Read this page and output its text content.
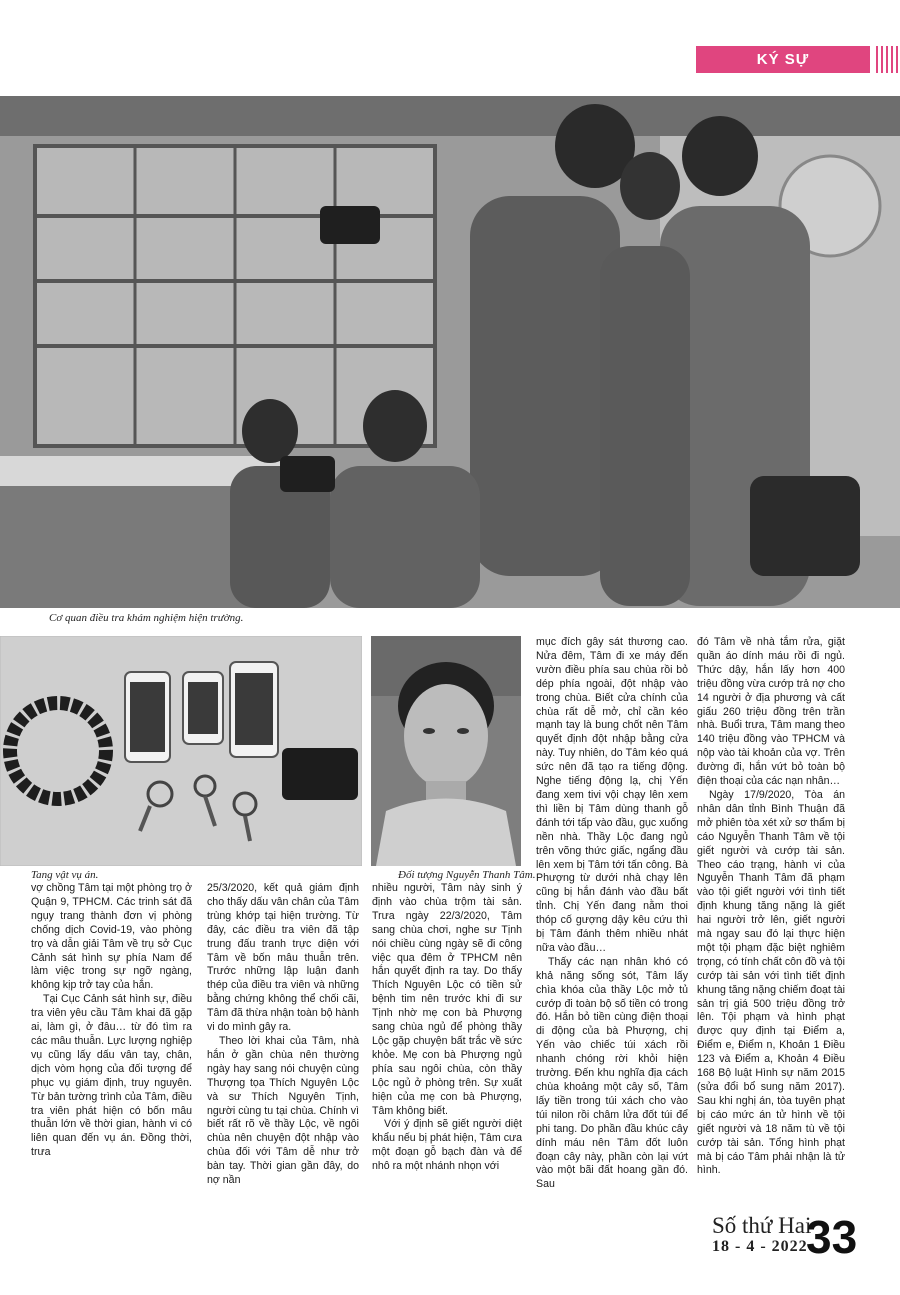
KÝ SỰ
Cơ quan điều tra khám nghiệm hiện trường.
Tang vật vụ án.	Đối tượng Nguyễn Thanh Tâm.

vợ chồng Tâm tại một phòng trọ ở Quận 9, TPHCM. Các trinh sát đã ngụy trang thành đơn vị phòng chống dịch Covid-19, vào phòng trọ và dẫn giải Tâm về trụ sở Cục Cảnh sát hình sự phía Nam để làm việc trong sự ngỡ ngàng, không kịp trở tay của hắn.

Tại Cục Cảnh sát hình sự, điều tra viên yêu cầu Tâm khai đã gặp ai, làm gì, ở đâu… từ đó tìm ra các mâu thuẫn. Lực lượng nghiệp vụ cũng lấy dấu vân tay, chân, dịch vòm họng của đối tượng để phục vụ giám định, truy nguyên. Từ bản tường trình của Tâm, điều tra viên phát hiện có bốn mâu thuẫn lớn về thời gian, hành vi có liên quan đến vụ án. Đồng thời, trưa

25/3/2020, kết quả giám định cho thấy dấu vân chân của Tâm trùng khớp tại hiện trường. Từ đây, các điều tra viên đã tập trung đấu tranh trực diện với Tâm về bốn mâu thuẫn trên. Trước những lập luận đanh thép của điều tra viên và những bằng chứng không thể chối cãi, Tâm đã thừa nhận toàn bộ hành vi do mình gây ra.

Theo lời khai của Tâm, nhà hắn ở gần chùa nên thường ngày hay sang nói chuyện cùng Thượng tọa Thích Nguyên Lộc và sư Thích Nguyên Tịnh, người cùng tu tại chùa. Chính vì biết rất rõ về thầy Lộc, về ngôi chùa nên chuyện đột nhập vào chùa đối với Tâm dễ như trở bàn tay. Thời gian gần đây, do nợ nần

nhiều người, Tâm này sinh ý định vào chùa trộm tài sản. Trưa ngày 22/3/2020, Tâm sang chùa chơi, nghe sư Tịnh nói chiều cùng ngày sẽ đi công việc qua đêm ở TPHCM nên hắn quyết định ra tay. Do thấy Thích Nguyên Lộc có tiền sử bệnh tim nên trước khi đi sư Tịnh nhờ mẹ con bà Phượng sang chùa ngủ để phòng thầy Lộc gặp chuyện bất trắc về sức khỏe. Mẹ con bà Phượng ngủ phía sau ngôi chùa, còn thầy Lộc ngủ ở phòng trên. Sự xuất hiện của mẹ con bà Phượng, Tâm không biết.

Với ý định sẽ giết người diệt khẩu nếu bị phát hiện, Tâm cưa một đoạn gỗ bạch đàn và để nhô ra một nhánh nhọn với

mục đích gây sát thương cao. Nửa đêm, Tâm đi xe máy đến vườn điều phía sau chùa rồi bỏ dép phía ngoài, đột nhập vào trong chùa. Biết cửa chính của chùa rất dễ mở, chỉ cần kéo mạnh tay là bung chốt nên Tâm quyết định đột nhập bằng cửa này. Tuy nhiên, do Tâm kéo quá sức nên đã tạo ra tiếng động. Nghe tiếng động lạ, chị Yến đang xem tivi vội chạy lên xem thì liền bị Tâm dùng thanh gỗ đánh tới tấp vào đầu, gục xuống nền nhà. Thầy Lộc đang ngủ trên võng thức giấc, ngẩng đầu lên xem bị Tâm tới tấn công. Bà Phượng từ dưới nhà chạy lên cũng bị hắn đánh vào đầu bất tỉnh. Chị Yến đang nằm thoi thóp cố gượng dậy kêu cứu thì bị Tâm đánh thêm nhiều nhát nữa vào đầu…

Thấy các nạn nhân khó có khả năng sống sót, Tâm lấy chìa khóa của thầy Lộc mở tủ cướp đi toàn bộ số tiền có trong đó. Hắn bỏ tiền cùng điện thoại di động của bà Phượng, chị Yến vào chiếc túi xách rồi nhanh chóng rời khỏi hiện trường. Đến khu nghĩa địa cách chùa khoảng một cây số, Tâm lấy tiền trong túi xách cho vào túi nilon rồi châm lửa đốt túi để phi tang. Do phần đầu khúc cây dính máu nên Tâm đốt luôn đoạn cây này, phần còn lại vứt vào một bãi đất hoang gần đó. Sau

đó Tâm về nhà tắm rửa, giặt quần áo dính máu rồi đi ngủ. Thức dậy, hắn lấy hơn 400 triệu đồng vừa cướp trả nợ cho 14 người ở địa phương và cất giấu 260 triệu đồng trên trần nhà. Buổi trưa, Tâm mang theo 140 triệu đồng vào TPHCM và nộp vào tài khoản của vợ. Trên đường đi, hắn vứt bỏ toàn bộ điện thoại của các nạn nhân…

Ngày 17/9/2020, Tòa án nhân dân tỉnh Bình Thuận đã mở phiên tòa xét xử sơ thẩm bị cáo Nguyễn Thanh Tâm về tội giết người và cướp tài sản. Theo cáo trạng, hành vi của Nguyễn Thanh Tâm đã phạm vào tội giết người với tình tiết định khung tăng nặng là giết hai người trở lên, giết người mà ngay sau đó lại thực hiện một tội phạm đặc biệt nghiêm trọng, có tính chất côn đồ và tội cướp tài sản với tình tiết định khung tăng nặng chiếm đoạt tài sản trị giá 500 triệu đồng trở lên. Tội phạm và hình phạt được quy định tại Điểm a, Điểm e, Điểm n, Khoản 1 Điều 123 và Điểm a, Khoản 4 Điều 168 Bộ luật Hình sự năm 2015 (sửa đổi bổ sung năm 2017). Sau khi nghị án, tòa tuyên phạt bị cáo mức án tử hình về tội giết người và 18 năm tù về tội cướp tài sản. Tổng hình phạt mà bị cáo Tâm phải nhận là tử hình.

Số thứ Hai
18 - 4 - 2022
33
